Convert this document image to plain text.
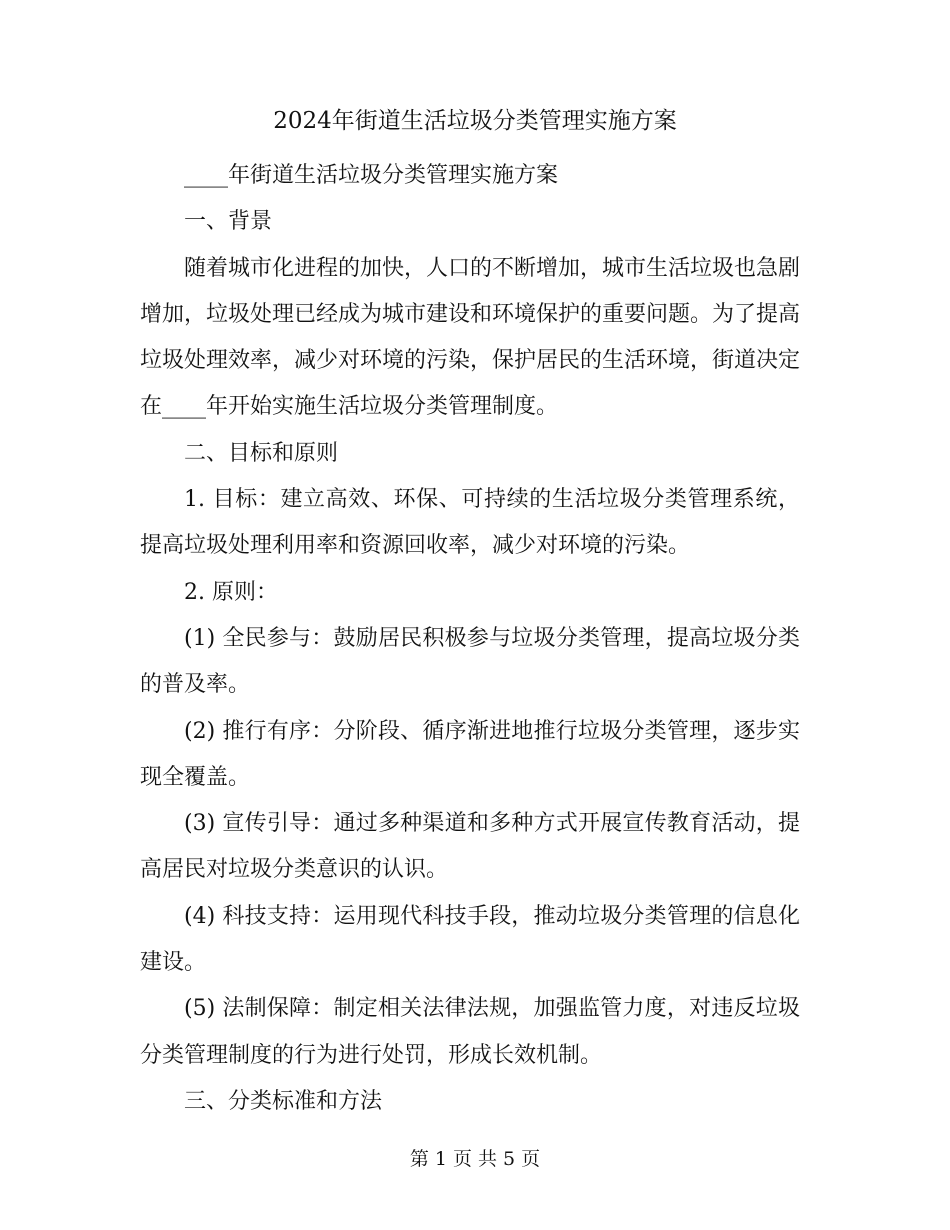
2024年街道生活垃圾分类管理实施方案

____年街道生活垃圾分类管理实施方案

一、背景

随着城市化进程的加快，人口的不断增加，城市生活垃圾也急剧增加，垃圾处理已经成为城市建设和环境保护的重要问题。为了提高垃圾处理效率，减少对环境的污染，保护居民的生活环境，街道决定在____年开始实施生活垃圾分类管理制度。

二、目标和原则

1. 目标：建立高效、环保、可持续的生活垃圾分类管理系统，提高垃圾处理利用率和资源回收率，减少对环境的污染。

2. 原则：

(1) 全民参与：鼓励居民积极参与垃圾分类管理，提高垃圾分类的普及率。

(2) 推行有序：分阶段、循序渐进地推行垃圾分类管理，逐步实现全覆盖。

(3) 宣传引导：通过多种渠道和多种方式开展宣传教育活动，提高居民对垃圾分类意识的认识。

(4) 科技支持：运用现代科技手段，推动垃圾分类管理的信息化建设。

(5) 法制保障：制定相关法律法规，加强监管力度，对违反垃圾分类管理制度的行为进行处罚，形成长效机制。

三、分类标准和方法

第 1 页 共 5 页
